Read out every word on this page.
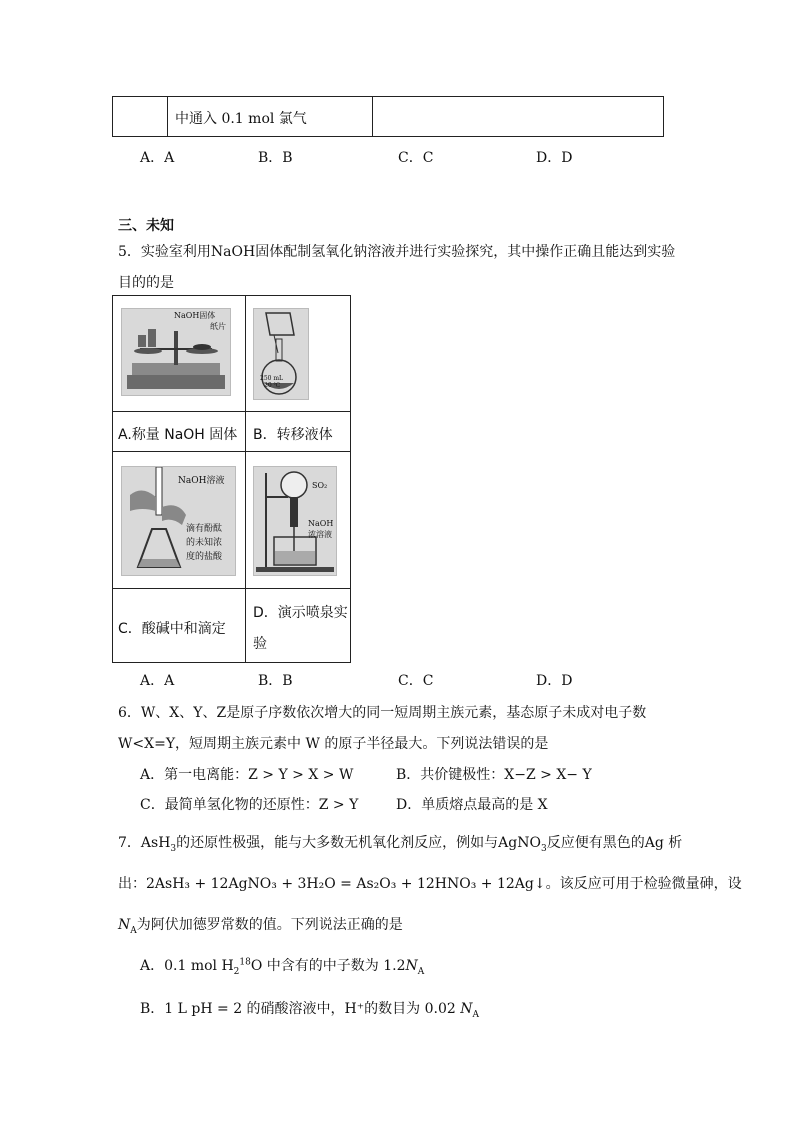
中通入 0.1 mol 氯气
A．A	B．B	C．C	D．D
三、未知
5．实验室利用NaOH固体配制氢氧化钠溶液并进行实验探究，其中操作正确且能达到实验
目的的是
NaOH固体
纸片
250 mL
20 ℃
A.称量 NaOH 固体 B．转移液体
NaOH溶液
滴有酚酞
的未知浓
度的盐酸
SO₂
NaOH
浓溶液
C．酸碱中和滴定
D．演示喷泉实
验
A．A	B．B	C．C	D．D
6．W、X、Y、Z是原子序数依次增大的同一短周期主族元素，基态原子未成对电子数
W<X=Y，短周期主族元素中 W 的原子半径最大。下列说法错误的是
A．第一电离能：Z > Y > X > W	B．共价键极性：X−Z > X− Y
C．最简单氢化物的还原性：Z > Y	D．单质熔点最高的是 X
7．AsH$_3$的还原性极强，能与大多数无机氧化剂反应，例如与AgNO$_3$反应便有黑色的Ag 析
出：2AsH₃ + 12AgNO₃ + 3H₂O = As₂O₃ + 12HNO₃ + 12Ag↓。该反应可用于检验微量砷，设
$N_A$为阿伏加德罗常数的值。下列说法正确的是
A．0.1 mol $H_2^{18}O$ 中含有的中子数为 $1.2N_A$
B．1 L pH = 2 的硝酸溶液中，H⁺的数目为 0.02 $N_A$
